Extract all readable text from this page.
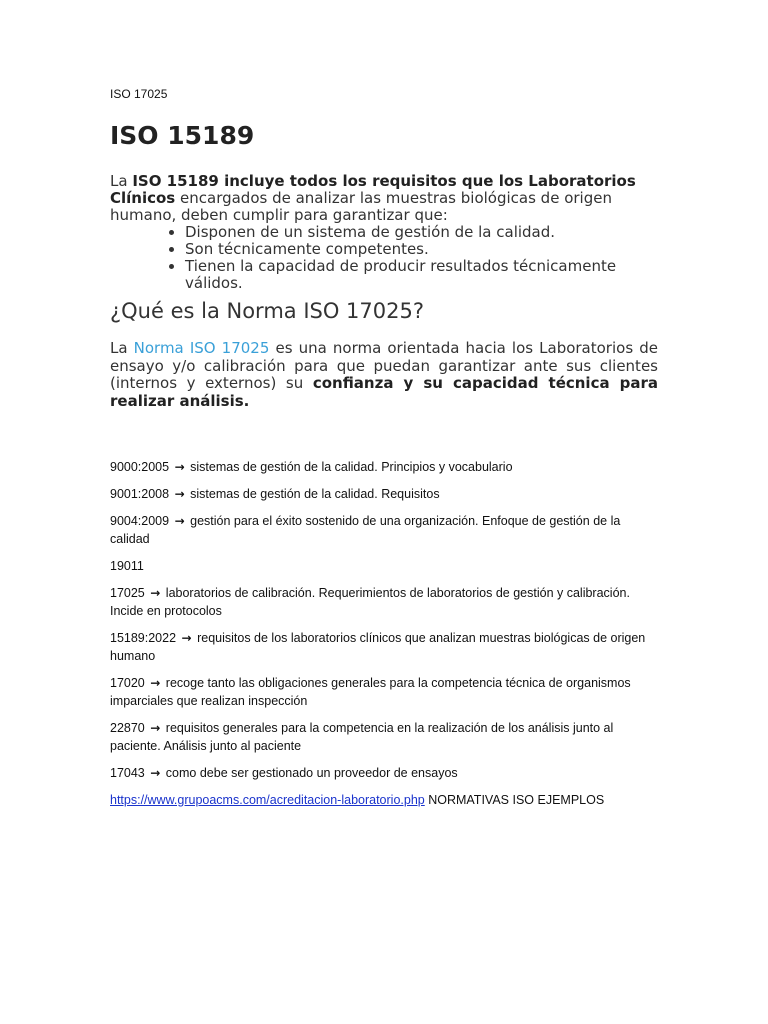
ISO 17025

ISO 15189

La ISO 15189 incluye todos los requisitos que los Laboratorios Clínicos encargados de analizar las muestras biológicas de origen humano, deben cumplir para garantizar que:

• Disponen de un sistema de gestión de la calidad.
• Son técnicamente competentes.
• Tienen la capacidad de producir resultados técnicamente válidos.
¿Qué es la Norma ISO 17025?

La Norma ISO 17025 es una norma orientada hacia los Laboratorios de ensayo y/o calibración para que puedan garantizar ante sus clientes (internos y externos) su confianza y su capacidad técnica para realizar análisis.

9000:2005 → sistemas de gestión de la calidad. Principios y vocabulario

9001:2008 → sistemas de gestión de la calidad. Requisitos

9004:2009 → gestión para el éxito sostenido de una organización. Enfoque de gestión de la calidad

19011

17025 → laboratorios de calibración. Requerimientos de laboratorios de gestión y calibración. Incide en protocolos

15189:2022 → requisitos de los laboratorios clínicos que analizan muestras biológicas de origen humano

17020 → recoge tanto las obligaciones generales para la competencia técnica de organismos imparciales que realizan inspección

22870 → requisitos generales para la competencia en la realización de los análisis junto al paciente. Análisis junto al paciente

17043 → como debe ser gestionado un proveedor de ensayos

https://www.grupoacms.com/acreditacion-laboratorio.php NORMATIVAS ISO EJEMPLOS
